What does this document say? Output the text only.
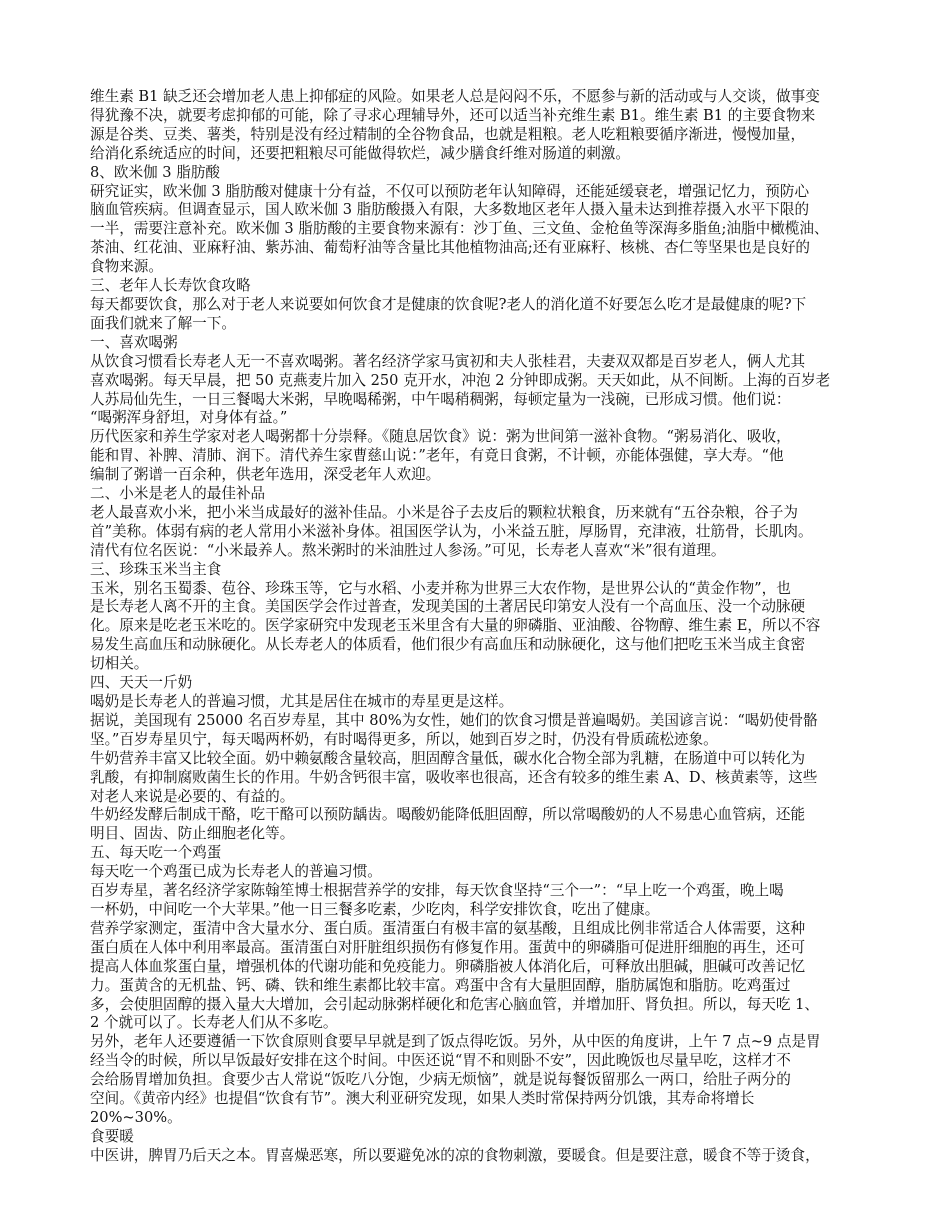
维生素 B1 缺乏还会增加老人患上抑郁症的风险。如果老人总是闷闷不乐，不愿参与新的活动或与人交谈，做事变
得犹豫不决，就要考虑抑郁的可能，除了寻求心理辅导外，还可以适当补充维生素 B1。维生素 B1 的主要食物来
源是谷类、豆类、薯类，特别是没有经过精制的全谷物食品，也就是粗粮。老人吃粗粮要循序渐进，慢慢加量，
给消化系统适应的时间，还要把粗粮尽可能做得软烂，减少膳食纤维对肠道的刺激。
8、欧米伽 3 脂肪酸
研究证实，欧米伽 3 脂肪酸对健康十分有益，不仅可以预防老年认知障碍，还能延缓衰老，增强记忆力，预防心
脑血管疾病。但调查显示，国人欧米伽 3 脂肪酸摄入有限，大多数地区老年人摄入量未达到推荐摄入水平下限的
一半，需要注意补充。欧米伽 3 脂肪酸的主要食物来源有：沙丁鱼、三文鱼、金枪鱼等深海多脂鱼;油脂中橄榄油、
茶油、红花油、亚麻籽油、紫苏油、葡萄籽油等含量比其他植物油高;还有亚麻籽、核桃、杏仁等坚果也是良好的
食物来源。
三、老年人长寿饮食攻略
每天都要饮食，那么对于老人来说要如何饮食才是健康的饮食呢?老人的消化道不好要怎么吃才是最健康的呢?下
面我们就来了解一下。
一、喜欢喝粥
从饮食习惯看长寿老人无一不喜欢喝粥。著名经济学家马寅初和夫人张桂君，夫妻双双都是百岁老人，俩人尤其
喜欢喝粥。每天早晨，把 50 克燕麦片加入 250 克开水，冲泡 2 分钟即成粥。天天如此，从不间断。上海的百岁老
人苏局仙先生，一日三餐喝大米粥，早晚喝稀粥，中午喝稍稠粥，每顿定量为一浅碗，已形成习惯。他们说：
“喝粥浑身舒坦，对身体有益。”
历代医家和养生学家对老人喝粥都十分崇释。《随息居饮食》说：粥为世间第一滋补食物。“粥易消化、吸收，
能和胃、补脾、清肺、润下。清代养生家曹慈山说：”老年，有竟日食粥，不计顿，亦能体强健，享大寿。“他
编制了粥谱一百余种，供老年选用，深受老年人欢迎。
二、小米是老人的最佳补品
老人最喜欢小米，把小米当成最好的滋补佳品。小米是谷子去皮后的颗粒状粮食，历来就有“五谷杂粮，谷子为
首”美称。体弱有病的老人常用小米滋补身体。祖国医学认为，小米益五脏，厚肠胃，充津液，壮筋骨，长肌肉。
清代有位名医说：“小米最养人。熬米粥时的米油胜过人参汤。”可见，长寿老人喜欢“米”很有道理。
三、珍珠玉米当主食
玉米，别名玉蜀黍、苞谷、珍珠玉等，它与水稻、小麦并称为世界三大农作物，是世界公认的“黄金作物”，也
是长寿老人离不开的主食。美国医学会作过普查，发现美国的土著居民印第安人没有一个高血压、没一个动脉硬
化。原来是吃老玉米吃的。医学家研究中发现老玉米里含有大量的卵磷脂、亚油酸、谷物醇、维生素 E，所以不容
易发生高血压和动脉硬化。从长寿老人的体质看，他们很少有高血压和动脉硬化，这与他们把吃玉米当成主食密
切相关。
四、天天一斤奶
喝奶是长寿老人的普遍习惯，尤其是居住在城市的寿星更是这样。
据说，美国现有 25000 名百岁寿星，其中 80%为女性，她们的饮食习惯是普遍喝奶。美国谚言说：“喝奶使骨骼
坚。”百岁寿星贝宁，每天喝两杯奶，有时喝得更多，所以，她到百岁之时，仍没有骨质疏松迹象。
牛奶营养丰富又比较全面。奶中赖氨酸含量较高，胆固醇含量低，碳水化合物全部为乳糖，在肠道中可以转化为
乳酸，有抑制腐败菌生长的作用。牛奶含钙很丰富，吸收率也很高，还含有较多的维生素 A、D、核黄素等，这些
对老人来说是必要的、有益的。
牛奶经发酵后制成干酪，吃干酪可以预防龋齿。喝酸奶能降低胆固醇，所以常喝酸奶的人不易患心血管病，还能
明目、固齿、防止细胞老化等。
五、每天吃一个鸡蛋
每天吃一个鸡蛋已成为长寿老人的普遍习惯。
百岁寿星，著名经济学家陈翰笙博士根据营养学的安排，每天饮食坚持“三个一”：“早上吃一个鸡蛋，晚上喝
一杯奶，中间吃一个大苹果。”他一日三餐多吃素，少吃肉，科学安排饮食，吃出了健康。
营养学家测定，蛋清中含大量水分、蛋白质。蛋清蛋白有极丰富的氨基酸，且组成比例非常适合人体需要，这种
蛋白质在人体中利用率最高。蛋清蛋白对肝脏组织损伤有修复作用。蛋黄中的卵磷脂可促进肝细胞的再生，还可
提高人体血浆蛋白量，增强机体的代谢功能和免疫能力。卵磷脂被人体消化后，可释放出胆碱，胆碱可改善记忆
力。蛋黄含的无机盐、钙、磷、铁和维生素都比较丰富。鸡蛋中含有大量胆固醇，脂肪属饱和脂肪。吃鸡蛋过
多，会使胆固醇的摄入量大大增加，会引起动脉粥样硬化和危害心脑血管，并增加肝、肾负担。所以，每天吃 1、
2 个就可以了。长寿老人们从不多吃。
另外，老年人还要遵循一下饮食原则食要早早就是到了饭点得吃饭。另外，从中医的角度讲，上午 7 点~9 点是胃
经当令的时候，所以早饭最好安排在这个时间。中医还说“胃不和则卧不安”，因此晚饭也尽量早吃，这样才不
会给肠胃增加负担。食要少古人常说“饭吃八分饱，少病无烦恼”，就是说每餐饭留那么一两口，给肚子两分的
空间。《黄帝内经》也提倡“饮食有节”。澳大利亚研究发现，如果人类时常保持两分饥饿，其寿命将增长
20%~30%。
食要暖
中医讲，脾胃乃后天之本。胃喜燥恶寒，所以要避免冰的凉的食物刺激，要暖食。但是要注意，暖食不等于烫食，
